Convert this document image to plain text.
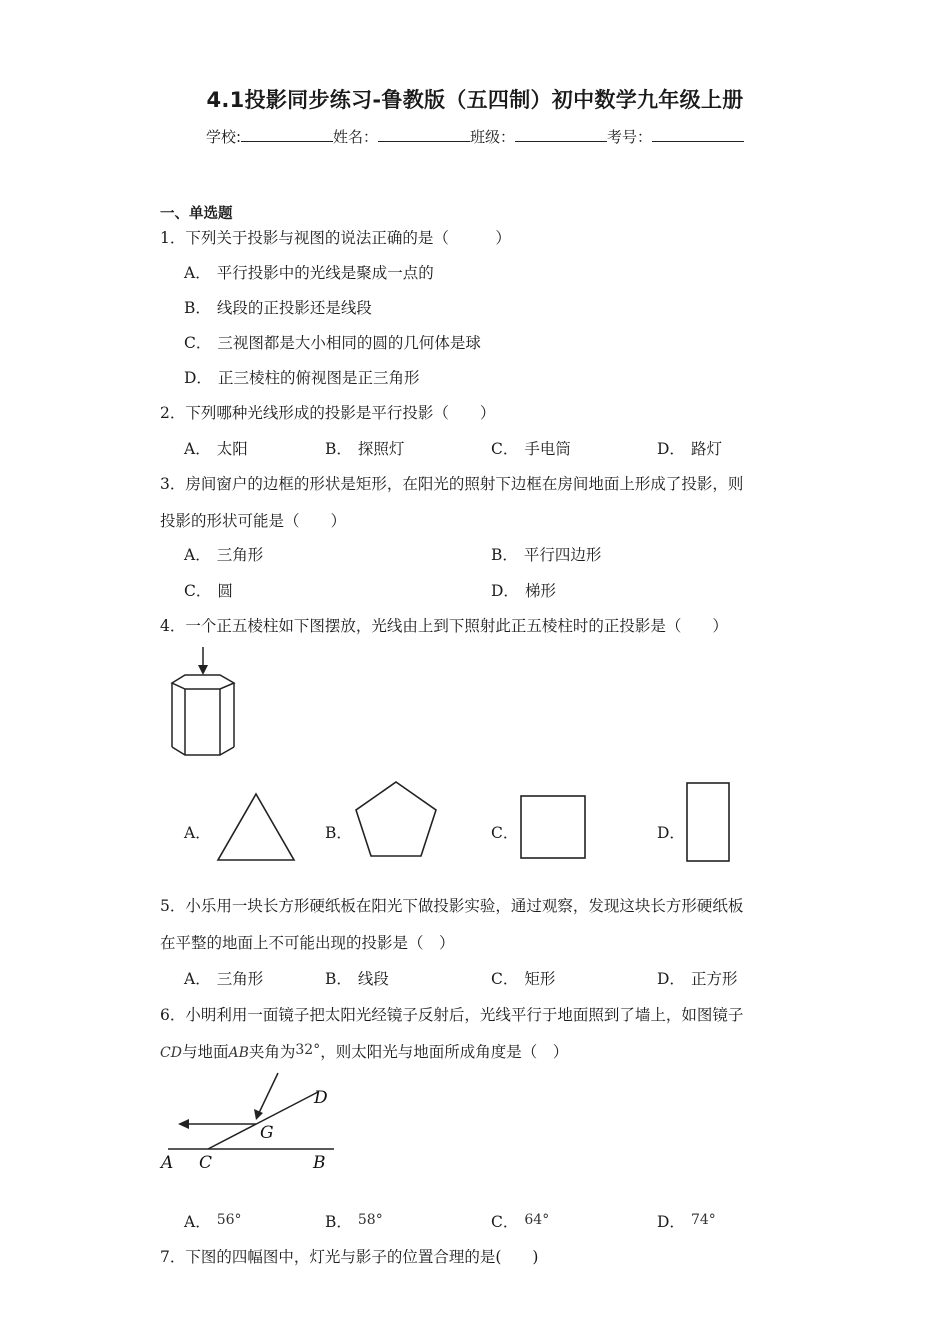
4.1投影同步练习-鲁教版（五四制）初中数学九年级上册
学校:	姓名：	班级：	考号：
一、单选题
1．下列关于投影与视图的说法正确的是（　　　）
A． 平行投影中的光线是聚成一点的
B． 线段的正投影还是线段
C． 三视图都是大小相同的圆的几何体是球
D． 正三棱柱的俯视图是正三角形
2．下列哪种光线形成的投影是平行投影（　　）
A． 太阳	B． 探照灯	C． 手电筒	D． 路灯
3．房间窗户的边框的形状是矩形，在阳光的照射下边框在房间地面上形成了投影，则
投影的形状可能是（　　）
A． 三角形	B． 平行四边形
C． 圆	D． 梯形
4．一个正五棱柱如下图摆放，光线由上到下照射此正五棱柱时的正投影是（　　）
A．	B．	C．	D．
5．小乐用一块长方形硬纸板在阳光下做投影实验，通过观察，发现这块长方形硬纸板
在平整的地面上不可能出现的投影是（　）
A． 三角形	B． 线段	C． 矩形	D． 正方形
6．小明利用一面镜子把太阳光经镜子反射后，光线平行于地面照到了墙上，如图镜子
CD与地面AB夹角为32°，则太阳光与地面所成角度是（　）
A C	B
D
G
A． 56°	B． 58°	C． 64°	D． 74°
7．下图的四幅图中，灯光与影子的位置合理的是(　　)
